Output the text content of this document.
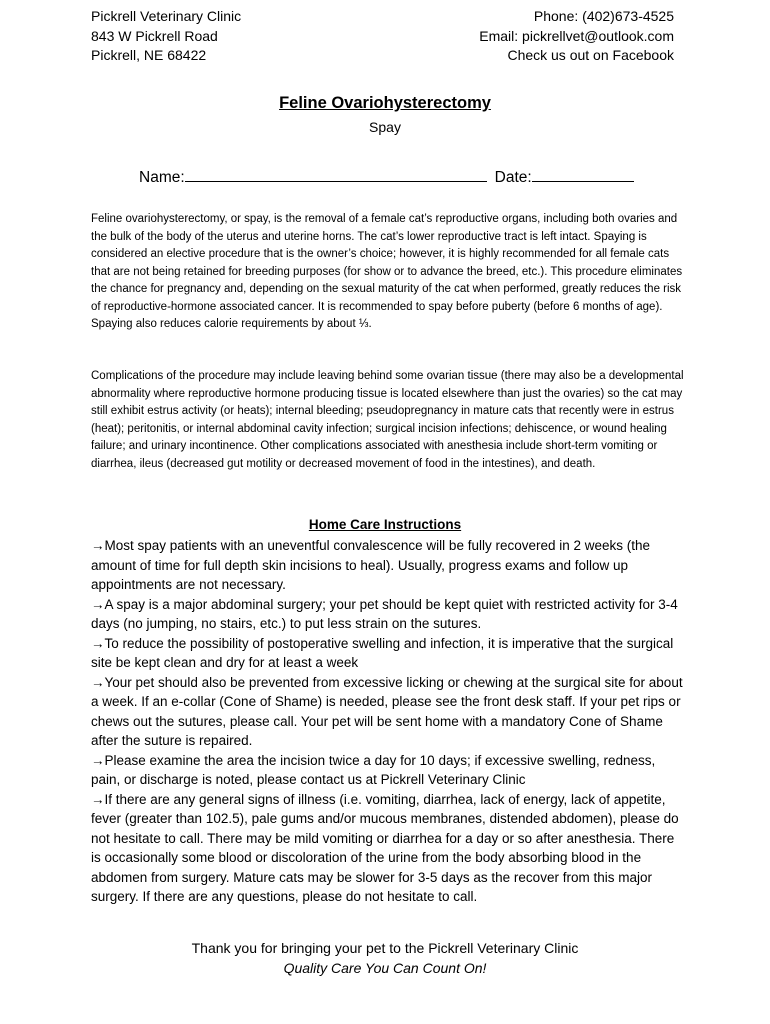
Pickrell Veterinary Clinic
843 W Pickrell Road
Pickrell, NE 68422
Phone: (402)673-4525
Email: pickrellvet@outlook.com
Check us out on Facebook
Feline Ovariohysterectomy
Spay
Name:	Date:
Feline ovariohysterectomy, or spay, is the removal of a female cat’s reproductive organs, including both ovaries and the bulk of the body of the uterus and uterine horns. The cat’s lower reproductive tract is left intact. Spaying is considered an elective procedure that is the owner’s choice; however, it is highly recommended for all female cats that are not being retained for breeding purposes (for show or to advance the breed, etc.). This procedure eliminates the chance for pregnancy and, depending on the sexual maturity of the cat when performed, greatly reduces the risk of reproductive-hormone associated cancer. It is recommended to spay before puberty (before 6 months of age). Spaying also reduces calorie requirements by about ⅓.
Complications of the procedure may include leaving behind some ovarian tissue (there may also be a developmental abnormality where reproductive hormone producing tissue is located elsewhere than just the ovaries) so the cat may still exhibit estrus activity (or heats); internal bleeding; pseudopregnancy in mature cats that recently were in estrus (heat); peritonitis, or internal abdominal cavity infection; surgical incision infections; dehiscence, or wound healing failure; and urinary incontinence. Other complications associated with anesthesia include short-term vomiting or diarrhea, ileus (decreased gut motility or decreased movement of food in the intestines), and death.
Home Care Instructions
→Most spay patients with an uneventful convalescence will be fully recovered in 2 weeks (the amount of time for full depth skin incisions to heal). Usually, progress exams and follow up appointments are not necessary.
→A spay is a major abdominal surgery; your pet should be kept quiet with restricted activity for 3-4 days (no jumping, no stairs, etc.) to put less strain on the sutures.
→To reduce the possibility of postoperative swelling and infection, it is imperative that the surgical site be kept clean and dry for at least a week
→Your pet should also be prevented from excessive licking or chewing at the surgical site for about a week. If an e-collar (Cone of Shame) is needed, please see the front desk staff. If your pet rips or chews out the sutures, please call. Your pet will be sent home with a mandatory Cone of Shame after the suture is repaired.
→Please examine the area the incision twice a day for 10 days; if excessive swelling, redness, pain, or discharge is noted, please contact us at Pickrell Veterinary Clinic
→If there are any general signs of illness (i.e. vomiting, diarrhea, lack of energy, lack of appetite, fever (greater than 102.5), pale gums and/or mucous membranes, distended abdomen), please do not hesitate to call. There may be mild vomiting or diarrhea for a day or so after anesthesia. There is occasionally some blood or discoloration of the urine from the body absorbing blood in the abdomen from surgery. Mature cats may be slower for 3-5 days as the recover from this major surgery. If there are any questions, please do not hesitate to call.
Thank you for bringing your pet to the Pickrell Veterinary Clinic
Quality Care You Can Count On!
